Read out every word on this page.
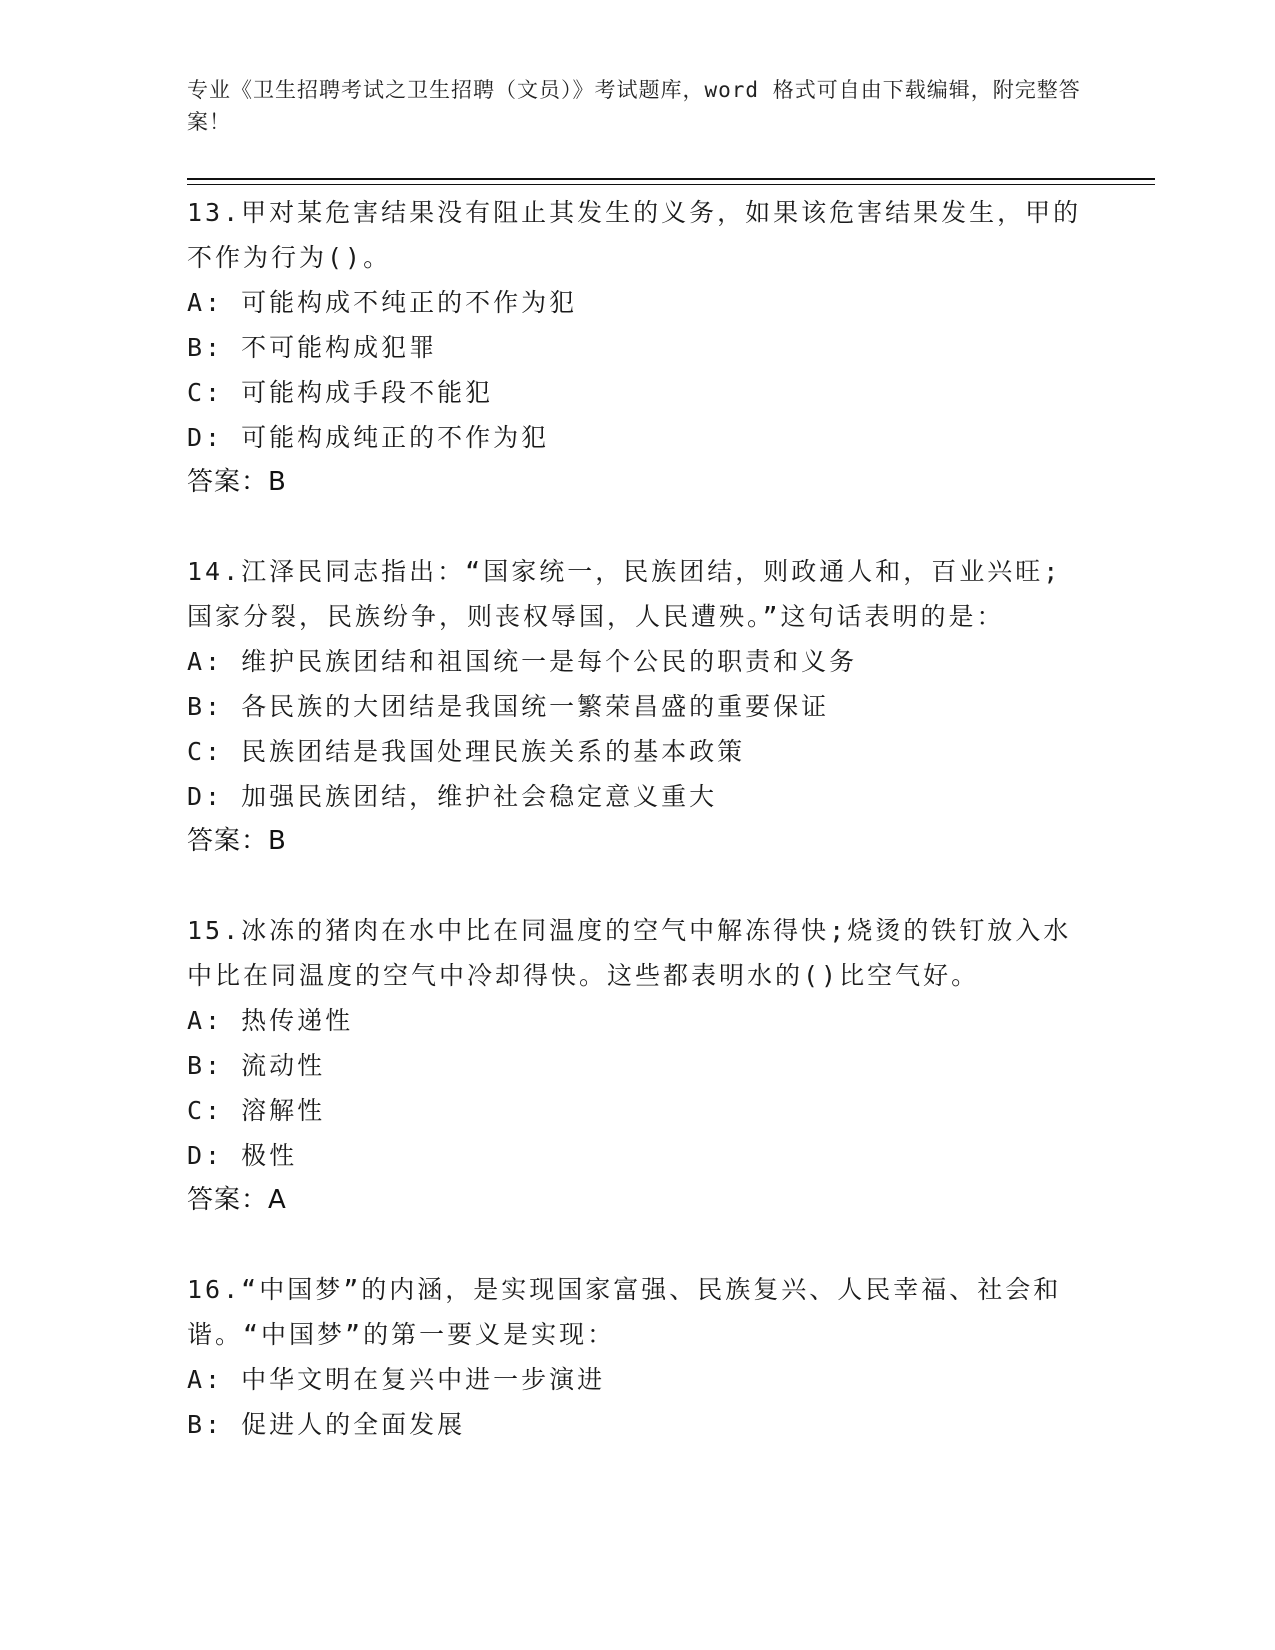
专业《卫生招聘考试之卫生招聘（文员）》考试题库，word 格式可自由下载编辑，附完整答案！
13.甲对某危害结果没有阻止其发生的义务，如果该危害结果发生，甲的不作为行为()。
A: 可能构成不纯正的不作为犯
B: 不可能构成犯罪
C: 可能构成手段不能犯
D: 可能构成纯正的不作为犯
答案：B
14.江泽民同志指出：“国家统一，民族团结，则政通人和，百业兴旺;国家分裂，民族纷争，则丧权辱国，人民遭殃。”这句话表明的是：
A: 维护民族团结和祖国统一是每个公民的职责和义务
B: 各民族的大团结是我国统一繁荣昌盛的重要保证
C: 民族团结是我国处理民族关系的基本政策
D: 加强民族团结，维护社会稳定意义重大
答案：B
15.冰冻的猪肉在水中比在同温度的空气中解冻得快;烧烫的铁钉放入水中比在同温度的空气中冷却得快。这些都表明水的()比空气好。
A: 热传递性
B: 流动性
C: 溶解性
D: 极性
答案：A
16.“中国梦”的内涵，是实现国家富强、民族复兴、人民幸福、社会和谐。“中国梦”的第一要义是实现：
A: 中华文明在复兴中进一步演进
B: 促进人的全面发展
